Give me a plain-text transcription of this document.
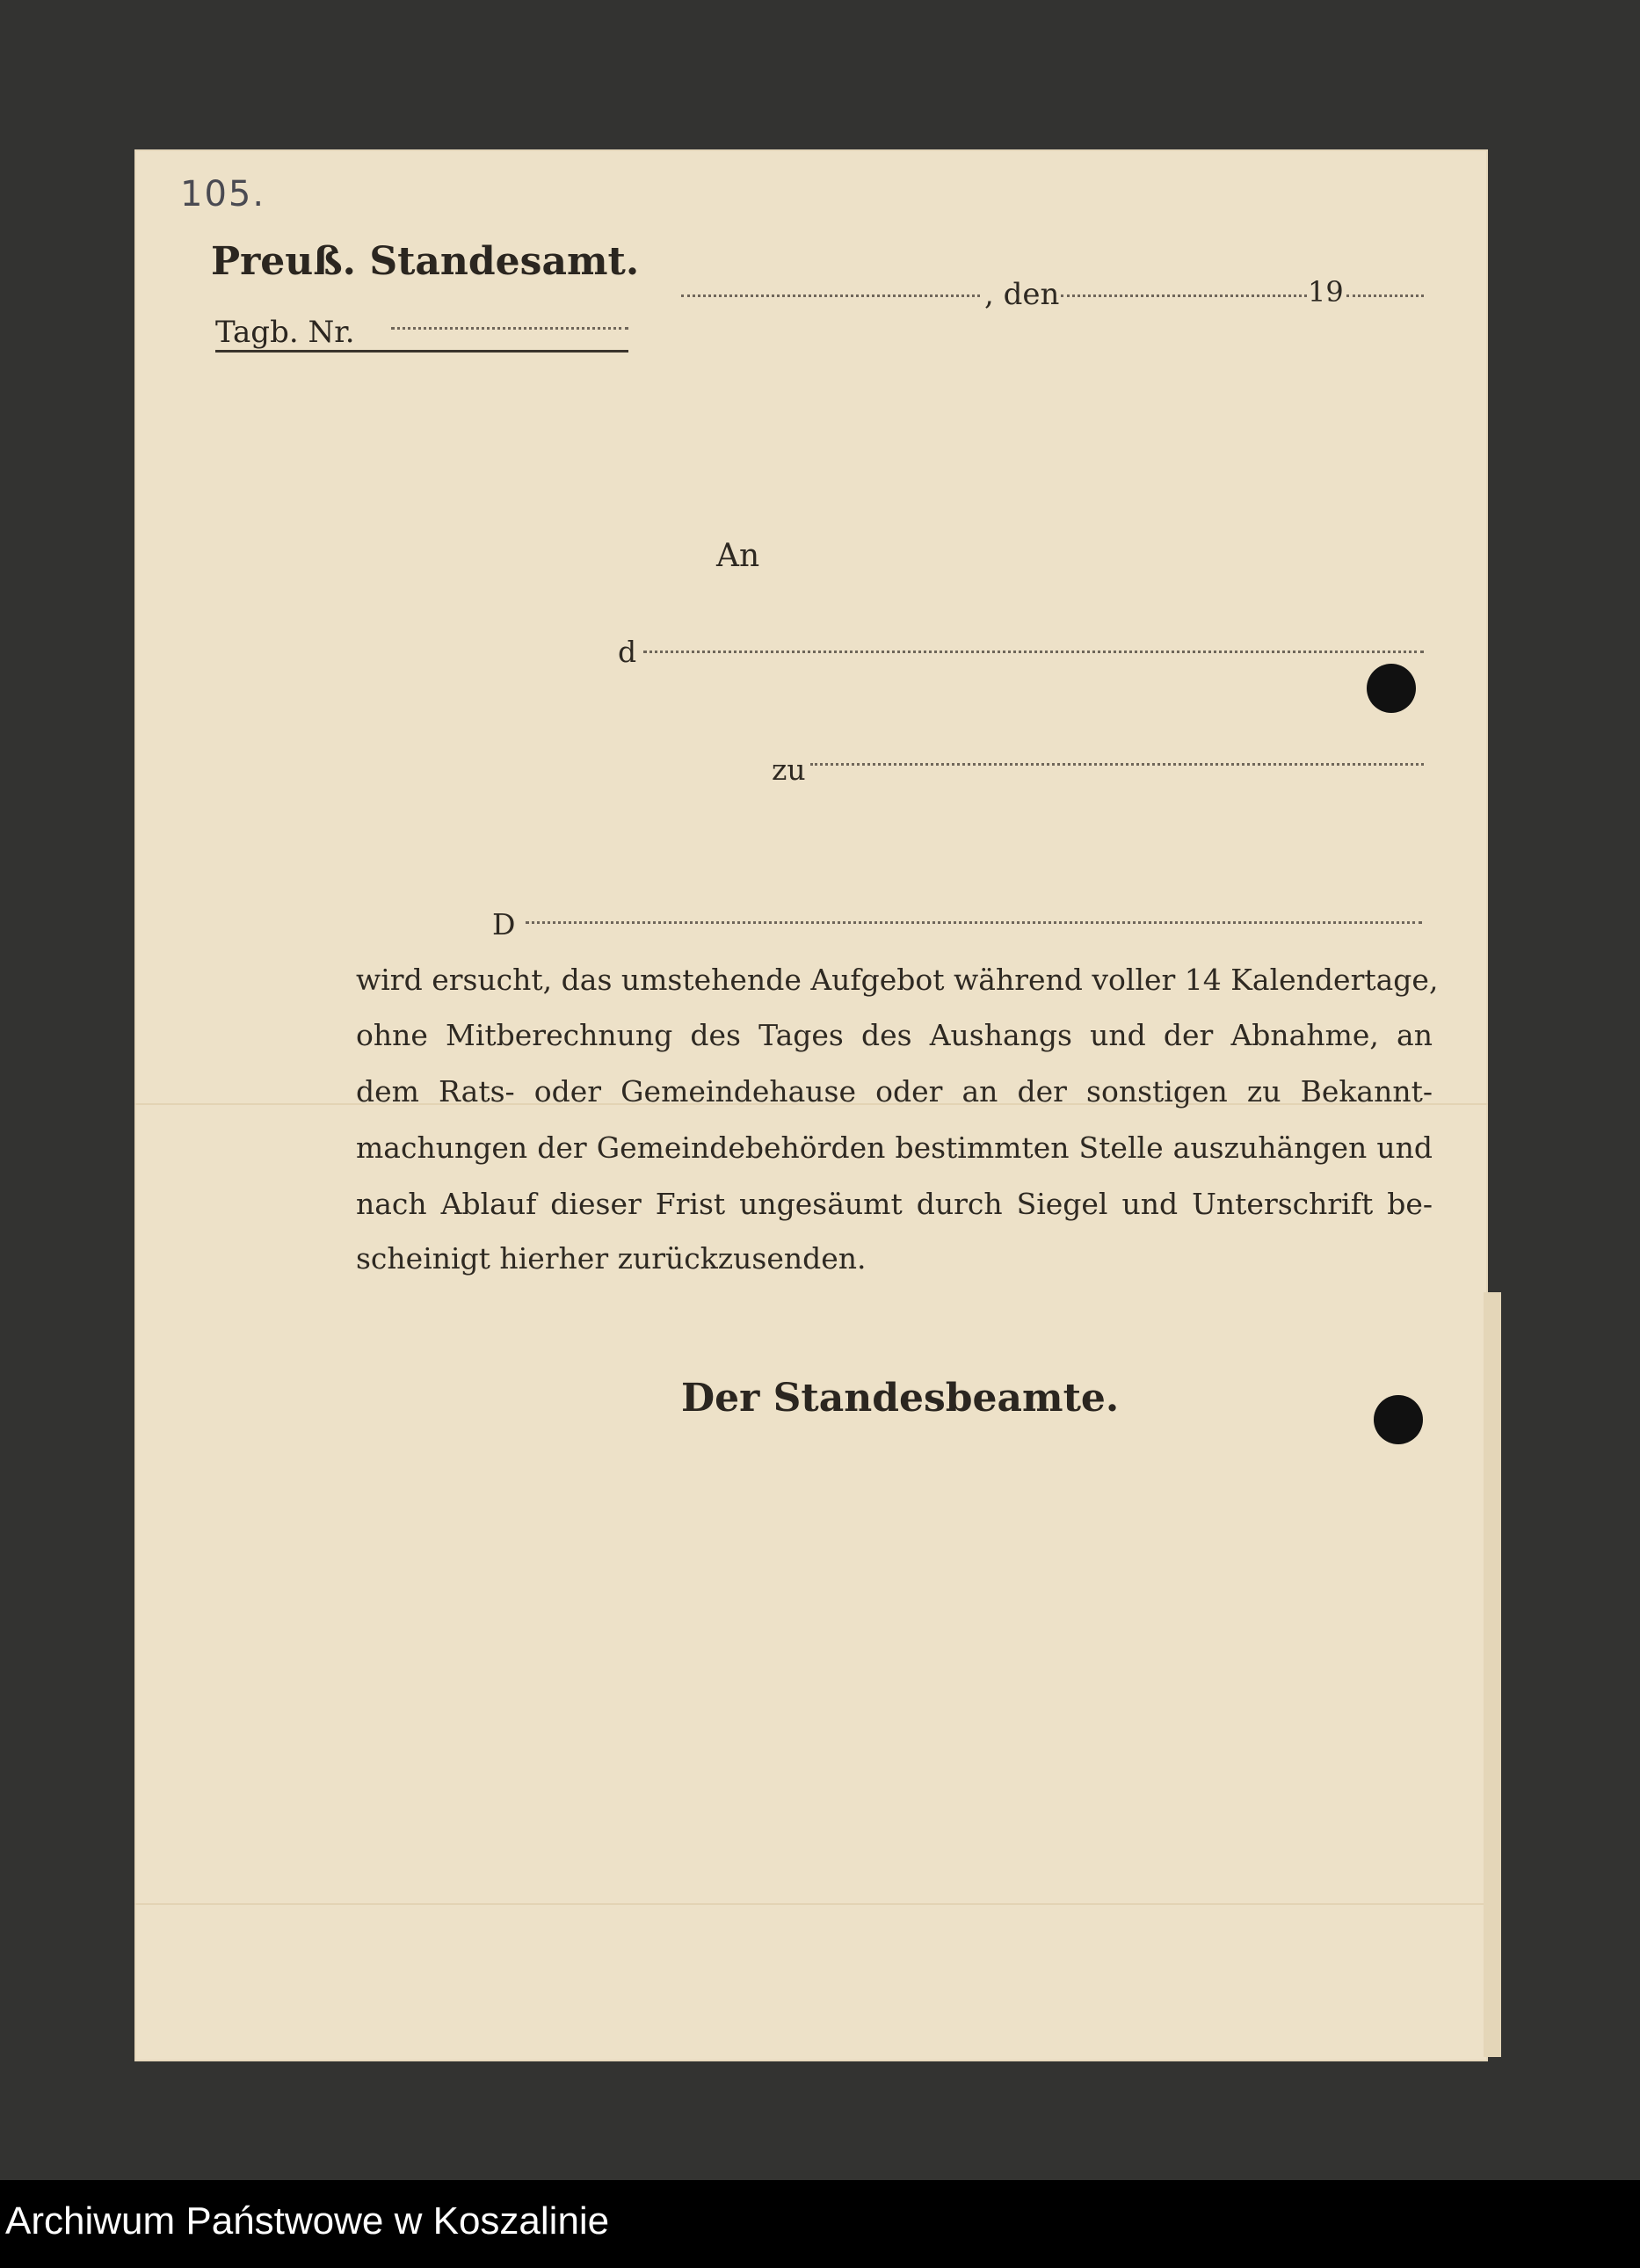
105.
Preuß. Standesamt.
Tagb. Nr.
, den	19
An
d
zu
D
wird ersucht, das umstehende Aufgebot während voller 14 Kalendertage,
ohne Mitberechnung des Tages des Aushangs und der Abnahme, an
dem Rats- oder Gemeindehause oder an der sonstigen zu Bekannt-
machungen der Gemeindebehörden bestimmten Stelle auszuhängen und
nach Ablauf dieser Frist ungesäumt durch Siegel und Unterschrift be-
scheinigt hierher zurückzusenden.
Der Standesbeamte.
Archiwum Państwowe w Koszalinie
